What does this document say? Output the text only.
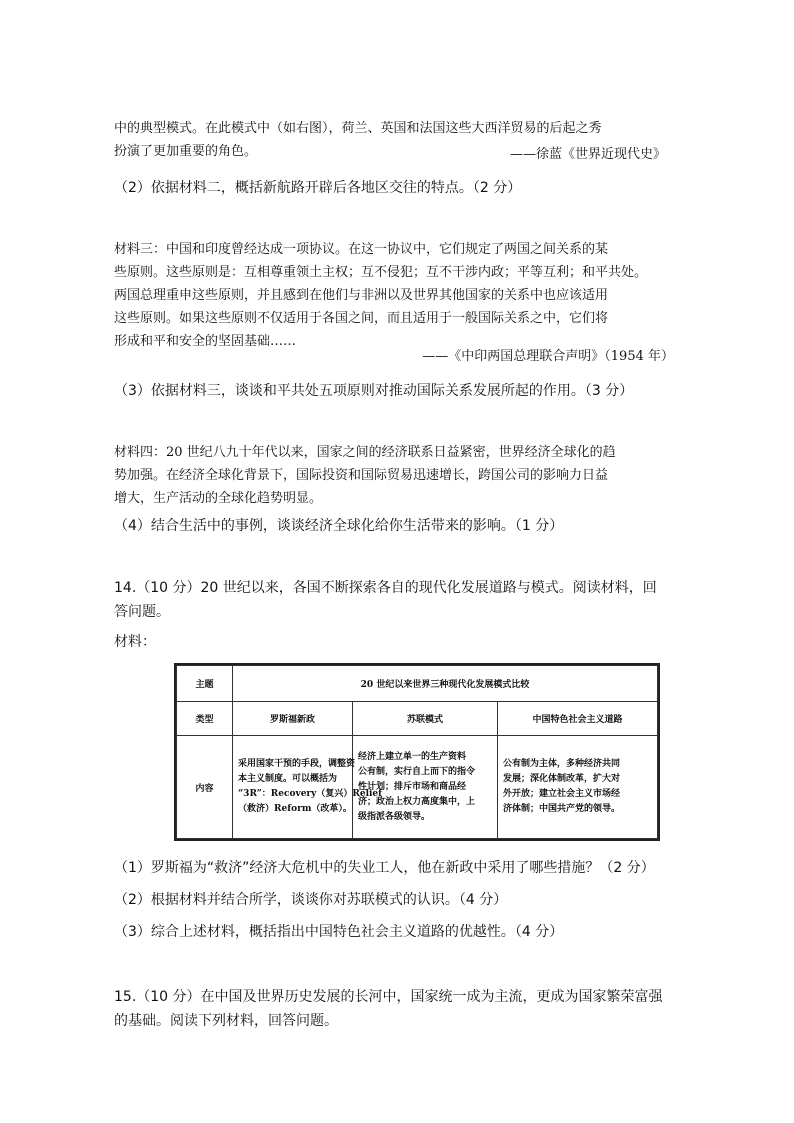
中的典型模式。在此模式中（如右图），荷兰、英国和法国这些大西洋贸易的后起之秀
扮演了更加重要的角色。	——徐蓝《世界近现代史》
（2）依据材料二，概括新航路开辟后各地区交往的特点。（2 分）
材料三：中国和印度曾经达成一项协议。在这一协议中，它们规定了两国之间关系的某
些原则。这些原则是：互相尊重领土主权；互不侵犯；互不干涉内政；平等互利；和平共处。
两国总理重申这些原则，并且感到在他们与非洲以及世界其他国家的关系中也应该适用
这些原则。如果这些原则不仅适用于各国之间，而且适用于一般国际关系之中，它们将
形成和平和安全的坚固基础……
——《中印两国总理联合声明》（1954 年）
（3）依据材料三，谈谈和平共处五项原则对推动国际关系发展所起的作用。（3 分）
材料四：20 世纪八九十年代以来，国家之间的经济联系日益紧密，世界经济全球化的趋
势加强。在经济全球化背景下，国际投资和国际贸易迅速增长，跨国公司的影响力日益
增大，生产活动的全球化趋势明显。
（4）结合生活中的事例，谈谈经济全球化给你生活带来的影响。（1 分）
14.（10 分）20 世纪以来，各国不断探索各自的现代化发展道路与模式。阅读材料，回
答问题。
材料：
主题	20 世纪以来世界三种现代化发展模式比较		
类型	罗斯福新政	苏联模式	中国特色社会主义道路
内容	采用国家干预的手段，调整资
本主义制度。可以概括为
“3R”：Recovery（复兴）Relief
（救济）Reform（改革）。	经济上建立单一的生产资料
公有制，实行自上而下的指令
性计划；排斥市场和商品经
济；政治上权力高度集中，上
级指派各级领导。	公有制为主体，多种经济共同
发展；深化体制改革，扩大对
外开放；建立社会主义市场经
济体制；中国共产党的领导。
（1）罗斯福为“救济”经济大危机中的失业工人，他在新政中采用了哪些措施？（2 分）
（2）根据材料并结合所学，谈谈你对苏联模式的认识。（4 分）
（3）综合上述材料，概括指出中国特色社会主义道路的优越性。（4 分）
15.（10 分）在中国及世界历史发展的长河中，国家统一成为主流，更成为国家繁荣富强
的基础。阅读下列材料，回答问题。
